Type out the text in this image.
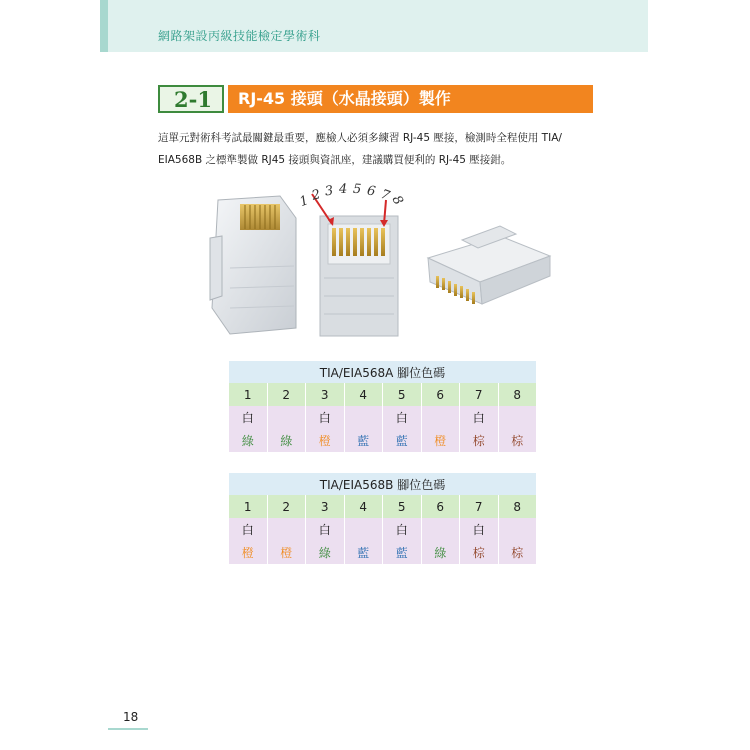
網路架設丙級技能檢定學術科
2-1	RJ-45 接頭（水晶接頭）製作
這單元對術科考試最關鍵最重要，應檢人必須多練習 RJ-45 壓接，檢測時全程使用 TIA/
EIA568B 之標準製做 RJ45 接頭與資訊座，建議購買便利的 RJ-45 壓接鉗。
1 2 3 4 5 6 7
8
TIA/EIA568A 腳位色碼							
1	2	3	4	5	6	7	8
白		白		白		白	
綠	綠	橙	藍	藍	橙	棕	棕
TIA/EIA568B 腳位色碼							
1	2	3	4	5	6	7	8
白		白		白		白	
橙	橙	綠	藍	藍	綠	棕	棕
18
